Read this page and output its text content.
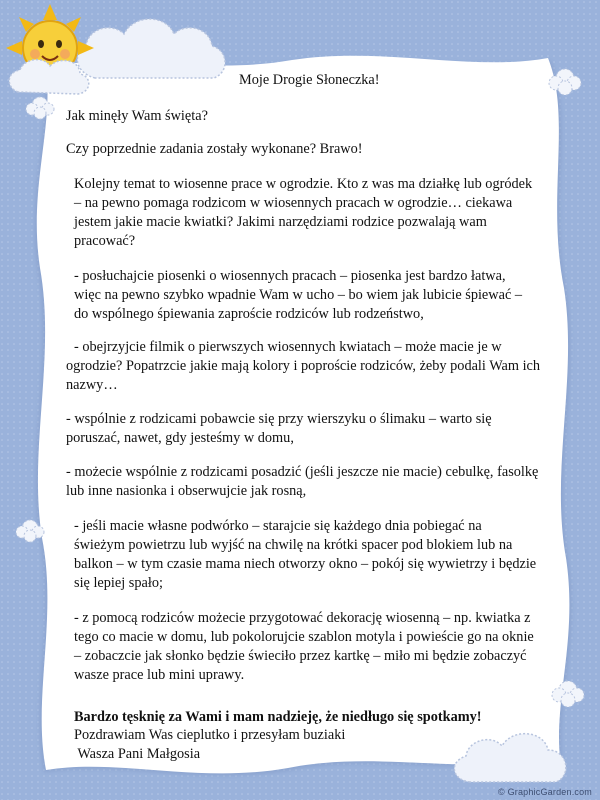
Moje Drogie Słoneczka!

Jak minęły Wam święta?

Czy poprzednie zadania zostały wykonane? Brawo!

Kolejny temat to wiosenne prace w ogrodzie. Kto z was ma działkę lub ogródek

– na pewno pomaga rodzicom w wiosennych pracach w ogrodzie… ciekawa

jestem jakie macie kwiatki? Jakimi narzędziami rodzice pozwalają wam

pracować?

- posłuchajcie piosenki o wiosennych pracach – piosenka jest bardzo łatwa,

więc na pewno szybko wpadnie Wam w ucho – bo wiem jak lubicie śpiewać –

do wspólnego śpiewania zaproście rodziców lub rodzeństwo,

- obejrzyjcie filmik o pierwszych wiosennych kwiatach – może macie je w

ogrodzie? Popatrzcie jakie mają kolory i poproście rodziców, żeby podali Wam ich

nazwy…

- wspólnie z rodzicami pobawcie się przy wierszyku o ślimaku – warto się

poruszać, nawet, gdy jesteśmy w domu,

- możecie wspólnie z rodzicami posadzić (jeśli jeszcze nie macie) cebulkę, fasolkę

lub inne nasionka i obserwujcie jak rosną,

- jeśli macie własne podwórko – starajcie się każdego dnia pobiegać na

świeżym powietrzu lub wyjść na chwilę na krótki spacer pod blokiem lub na

balkon – w tym czasie mama niech otworzy okno – pokój się wywietrzy i będzie

się lepiej spało;

- z pomocą rodziców możecie przygotować dekorację wiosenną – np. kwiatka z

tego co macie w domu, lub pokolorujcie szablon motyla i powieście go na oknie

– zobaczcie jak słonko będzie świeciło przez kartkę – miło mi będzie zobaczyć

wasze prace lub mini uprawy.

Bardzo tęsknię za Wami i mam nadzieję, że niedługo się spotkamy!

Pozdrawiam Was cieplutko i przesyłam buziaki

Wasza Pani Małgosia

© GraphicGarden.com
